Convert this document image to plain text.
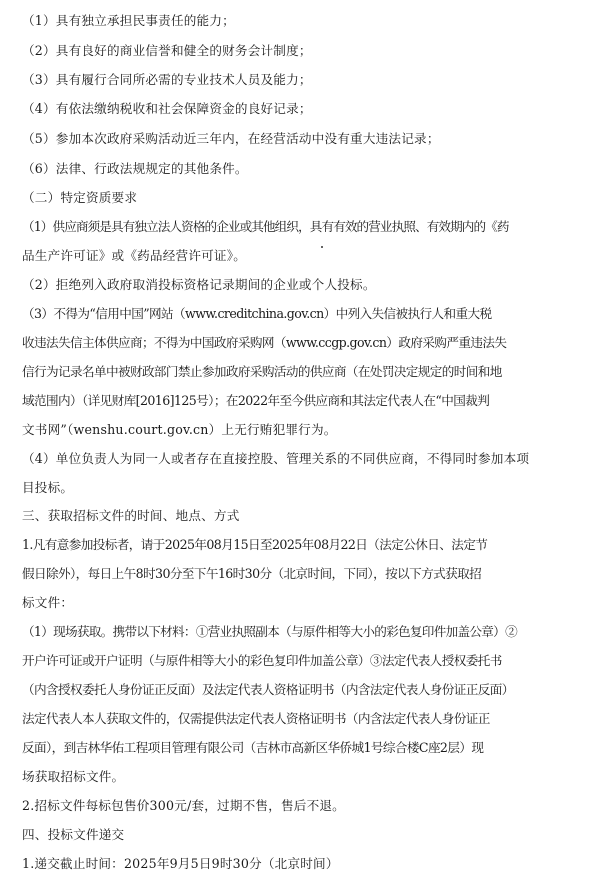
（1）具有独立承担民事责任的能力；
（2）具有良好的商业信誉和健全的财务会计制度；
（3）具有履行合同所必需的专业技术人员及能力；
（4）有依法缴纳税收和社会保障资金的良好记录；
（5）参加本次政府采购活动近三年内，在经营活动中没有重大违法记录；
（6）法律、行政法规规定的其他条件。
（二）特定资质要求
（1）供应商须是具有独立法人资格的企业或其他组织，具有有效的营业执照、有效期内的《药
品生产许可证》或《药品经营许可证》。
（2）拒绝列入政府取消投标资格记录期间的企业或个人投标。
（3）不得为“信用中国”网站（www.creditchina.gov.cn）中列入失信被执行人和重大税
收违法失信主体供应商；不得为中国政府采购网（www.ccgp.gov.cn）政府采购严重违法失
信行为记录名单中被财政部门禁止参加政府采购活动的供应商（在处罚决定规定的时间和地
域范围内）（详见财库[2016]125号）；在2022年至今供应商和其法定代表人在“中国裁判
文书网”（wenshu.court.gov.cn）上无行贿犯罪行为。
（4）单位负责人为同一人或者存在直接控股、管理关系的不同供应商，不得同时参加本项
目投标。
三、获取招标文件的时间、地点、方式
1.凡有意参加投标者，请于2025年08月15日至2025年08月22日（法定公休日、法定节
假日除外），每日上午8时30分至下午16时30分（北京时间，下同），按以下方式获取招
标文件：
（1）现场获取。携带以下材料：①营业执照副本（与原件相等大小的彩色复印件加盖公章）②
开户许可证或开户证明（与原件相等大小的彩色复印件加盖公章）③法定代表人授权委托书
（内含授权委托人身份证正反面）及法定代表人资格证明书（内含法定代表人身份证正反面）
法定代表人本人获取文件的，仅需提供法定代表人资格证明书（内含法定代表人身份证正
反面），到吉林华佑工程项目管理有限公司（吉林市高新区华侨城1号综合楼C座2层）现
场获取招标文件。
2.招标文件每标包售价300元/套，过期不售，售后不退。
四、投标文件递交
1.递交截止时间：2025年9月5日9时30分（北京时间）
